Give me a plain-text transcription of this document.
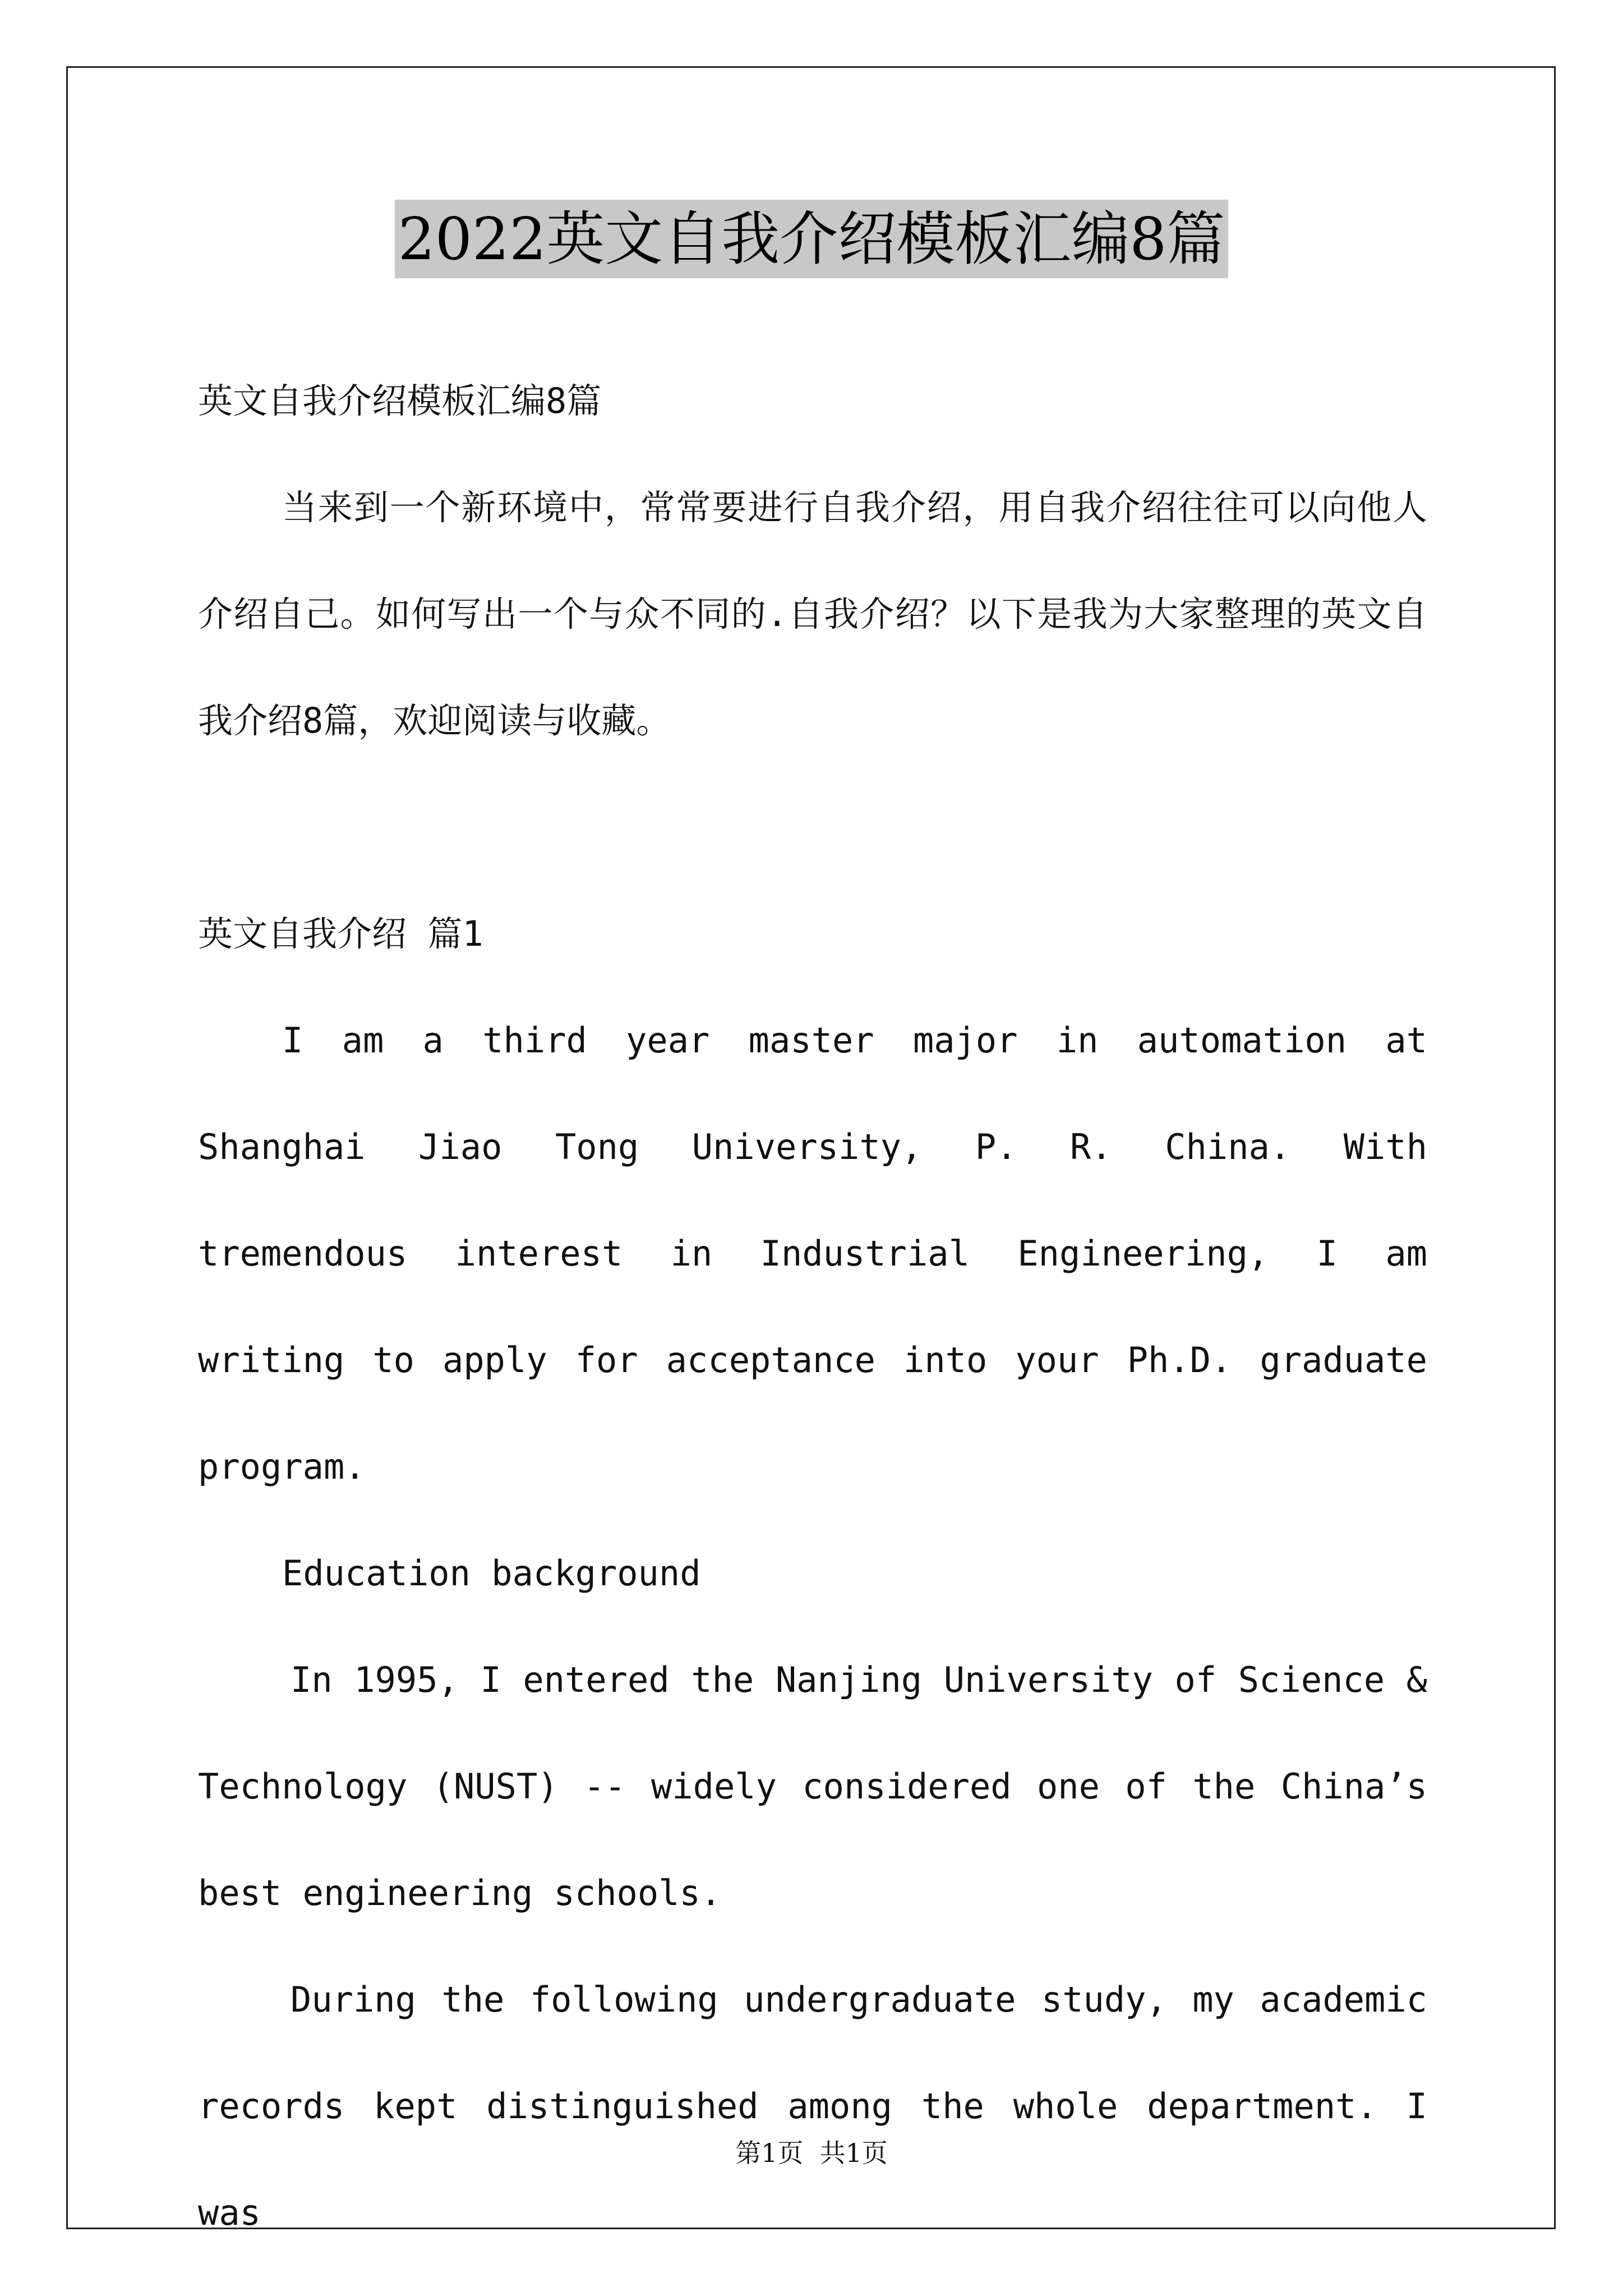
2022英文自我介绍模板汇编8篇

英文自我介绍模板汇编8篇

当来到一个新环境中，常常要进行自我介绍，用自我介绍往往可以向他人介绍自己。如何写出一个与众不同的.自我介绍？以下是我为大家整理的英文自我介绍8篇，欢迎阅读与收藏。

英文自我介绍 篇1

I am a third year master major in automation at Shanghai Jiao Tong University, P. R. China. With tremendous interest in Industrial Engineering, I am writing to apply for acceptance into your Ph.D. graduate program.

Education background

In 1995, I entered the Nanjing University of Science & Technology (NUST) -- widely considered one of the China’s best engineering schools.

During the following undergraduate study, my academic records kept distinguished among the whole department. I was

第1页  共1页
